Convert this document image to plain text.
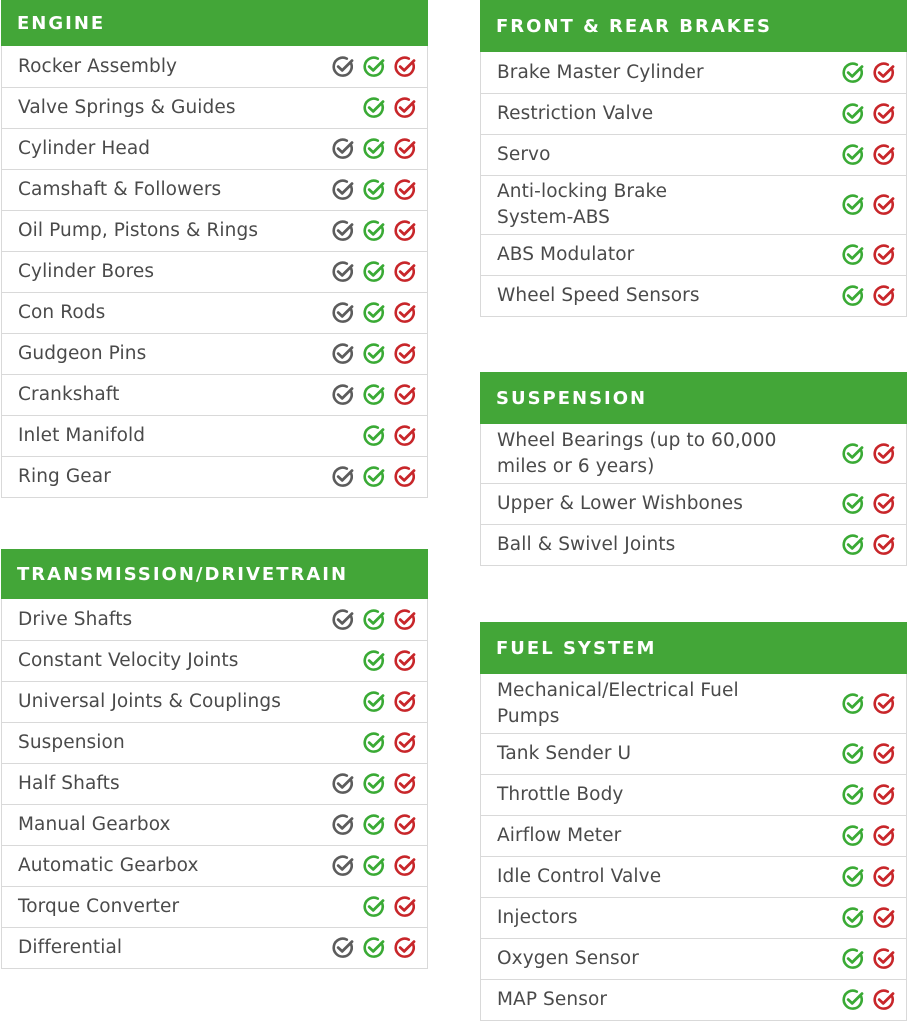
ENGINE
Rocker Assembly
Valve Springs & Guides
Cylinder Head
Camshaft & Followers
Oil Pump, Pistons & Rings
Cylinder Bores
Con Rods
Gudgeon Pins
Crankshaft
Inlet Manifold
Ring Gear
TRANSMISSION/DRIVETRAIN
Drive Shafts
Constant Velocity Joints
Universal Joints & Couplings
Suspension
Half Shafts
Manual Gearbox
Automatic Gearbox
Torque Converter
Differential
FRONT & REAR BRAKES
Brake Master Cylinder
Restriction Valve
Servo
Anti-locking Brake
System-ABS
ABS Modulator
Wheel Speed Sensors
SUSPENSION
Wheel Bearings (up to 60,000
miles or 6 years)
Upper & Lower Wishbones
Ball & Swivel Joints
FUEL SYSTEM
Mechanical/Electrical Fuel
Pumps
Tank Sender U
Throttle Body
Airflow Meter
Idle Control Valve
Injectors
Oxygen Sensor
MAP Sensor
